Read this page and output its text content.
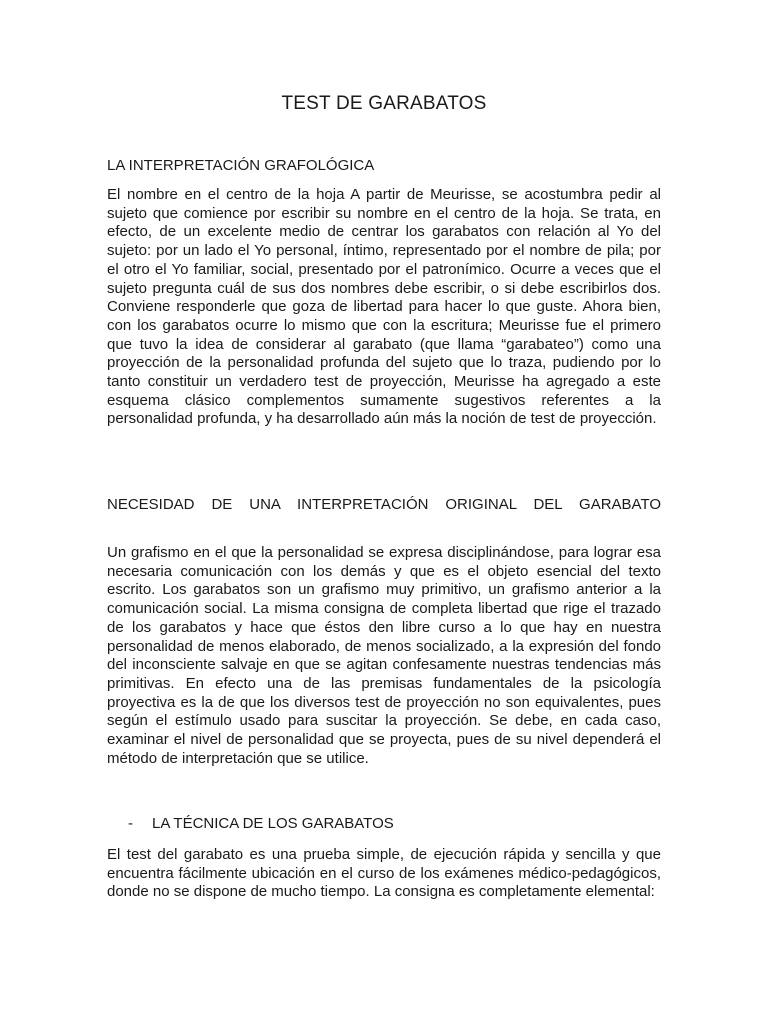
TEST DE GARABATOS
LA INTERPRETACIÓN GRAFOLÓGICA

El nombre en el centro de la hoja A partir de Meurisse, se acostumbra pedir al sujeto que comience por escribir su nombre en el centro de la hoja. Se trata, en efecto, de un excelente medio de centrar los garabatos con relación al Yo del sujeto: por un lado el Yo personal, íntimo, representado por el nombre de pila; por el otro el Yo familiar, social, presentado por el patronímico. Ocurre a veces que el sujeto pregunta cuál de sus dos nombres debe escribir, o si debe escribirlos dos. Conviene responderle que goza de libertad para hacer lo que guste. Ahora bien, con los garabatos ocurre lo mismo que con la escritura; Meurisse fue el primero que tuvo la idea de considerar al garabato (que llama “garabateo”) como una proyección de la personalidad profunda del sujeto que lo traza, pudiendo por lo tanto constituir un verdadero test de proyección, Meurisse ha agregado a este esquema clásico complementos sumamente sugestivos referentes a la personalidad profunda, y ha desarrollado aún más la noción de test de proyección.

NECESIDAD DE UNA INTERPRETACIÓN ORIGINAL DEL GARABATO

Un grafismo en el que la personalidad se expresa disciplinándose, para lograr esa necesaria comunicación con los demás y que es el objeto esencial del texto escrito. Los garabatos son un grafismo muy primitivo, un grafismo anterior a la comunicación social. La misma consigna de completa libertad que rige el trazado de los garabatos y hace que éstos den libre curso a lo que hay en nuestra personalidad de menos elaborado, de menos socializado, a la expresión del fondo del inconsciente salvaje en que se agitan confesamente nuestras tendencias más primitivas. En efecto una de las premisas fundamentales de la psicología proyectiva es la de que los diversos test de proyección no son equivalentes, pues según el estímulo usado para suscitar la proyección. Se debe, en cada caso, examinar el nivel de personalidad que se proyecta, pues de su nivel dependerá el método de interpretación que se utilice.

- LA TÉCNICA DE LOS GARABATOS

El test del garabato es una prueba simple, de ejecución rápida y sencilla y que encuentra fácilmente ubicación en el curso de los exámenes médico-pedagógicos, donde no se dispone de mucho tiempo. La consigna es completamente elemental:
